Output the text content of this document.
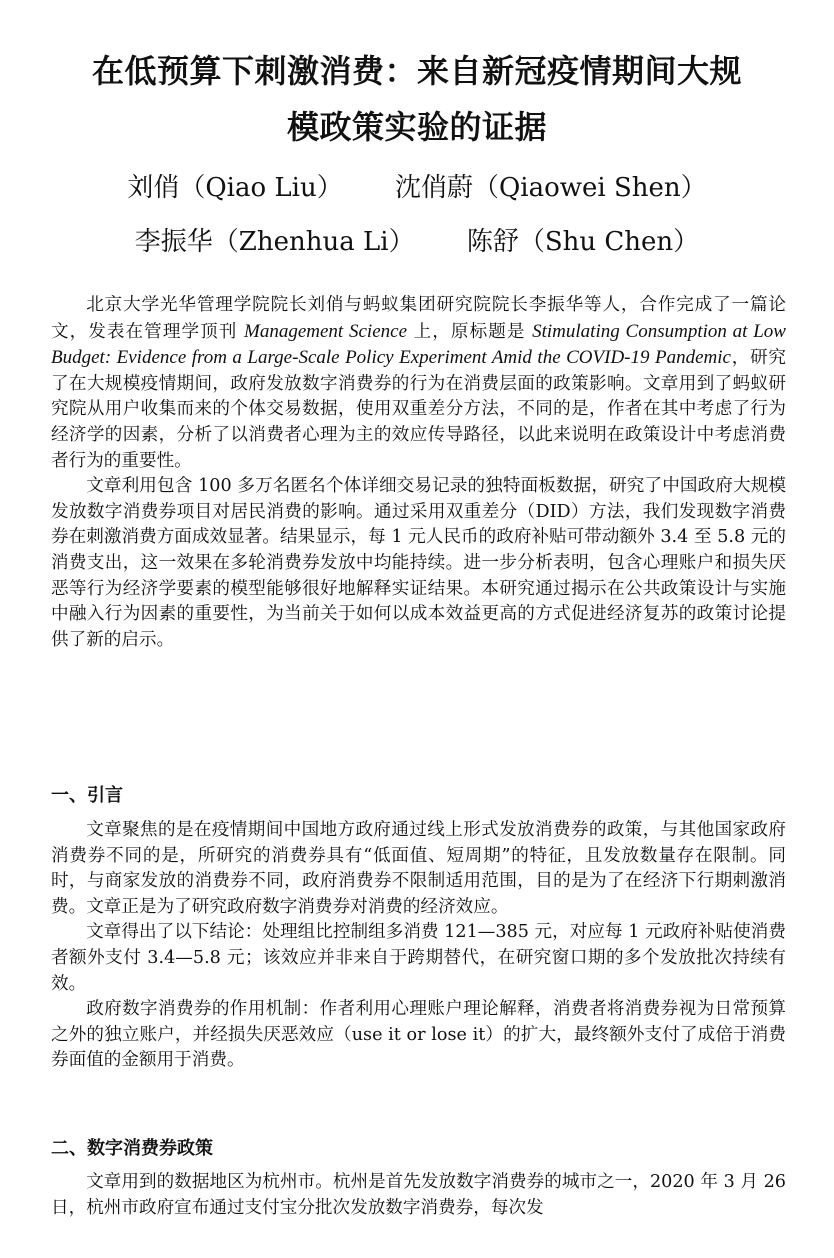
在低预算下刺激消费：来自新冠疫情期间大规
模政策实验的证据
刘俏（Qiao Liu） 沈俏蔚（Qiaowei Shen）
李振华（Zhenhua Li） 陈舒（Shu Chen）

北京大学光华管理学院院长刘俏与蚂蚁集团研究院院长李振华等人，合作完成了一篇论文，发表在管理学顶刊 Management Science 上，原标题是 Stimulating Consumption at Low Budget: Evidence from a Large-Scale Policy Experiment Amid the COVID-19 Pandemic，研究了在大规模疫情期间，政府发放数字消费券的行为在消费层面的政策影响。文章用到了蚂蚁研究院从用户收集而来的个体交易数据，使用双重差分方法，不同的是，作者在其中考虑了行为经济学的因素，分析了以消费者心理为主的效应传导路径，以此来说明在政策设计中考虑消费者行为的重要性。

文章利用包含 100 多万名匿名个体详细交易记录的独特面板数据，研究了中国政府大规模发放数字消费券项目对居民消费的影响。通过采用双重差分（DID）方法，我们发现数字消费券在刺激消费方面成效显著。结果显示，每 1 元人民币的政府补贴可带动额外 3.4 至 5.8 元的消费支出，这一效果在多轮消费券发放中均能持续。进一步分析表明，包含心理账户和损失厌恶等行为经济学要素的模型能够很好地解释实证结果。本研究通过揭示在公共政策设计与实施中融入行为因素的重要性，为当前关于如何以成本效益更高的方式促进经济复苏的政策讨论提供了新的启示。

一、引言

文章聚焦的是在疫情期间中国地方政府通过线上形式发放消费券的政策，与其他国家政府消费券不同的是，所研究的消费券具有“低面值、短周期”的特征，且发放数量存在限制。同时，与商家发放的消费券不同，政府消费券不限制适用范围，目的是为了在经济下行期刺激消费。文章正是为了研究政府数字消费券对消费的经济效应。

文章得出了以下结论：处理组比控制组多消费 121—385 元，对应每 1 元政府补贴使消费者额外支付 3.4—5.8 元；该效应并非来自于跨期替代，在研究窗口期的多个发放批次持续有效。

政府数字消费券的作用机制：作者利用心理账户理论解释，消费者将消费券视为日常预算之外的独立账户，并经损失厌恶效应（use it or lose it）的扩大，最终额外支付了成倍于消费券面值的金额用于消费。

二、数字消费券政策

文章用到的数据地区为杭州市。杭州是首先发放数字消费券的城市之一，2020 年 3 月 26 日，杭州市政府宣布通过支付宝分批次发放数字消费券，每次发
